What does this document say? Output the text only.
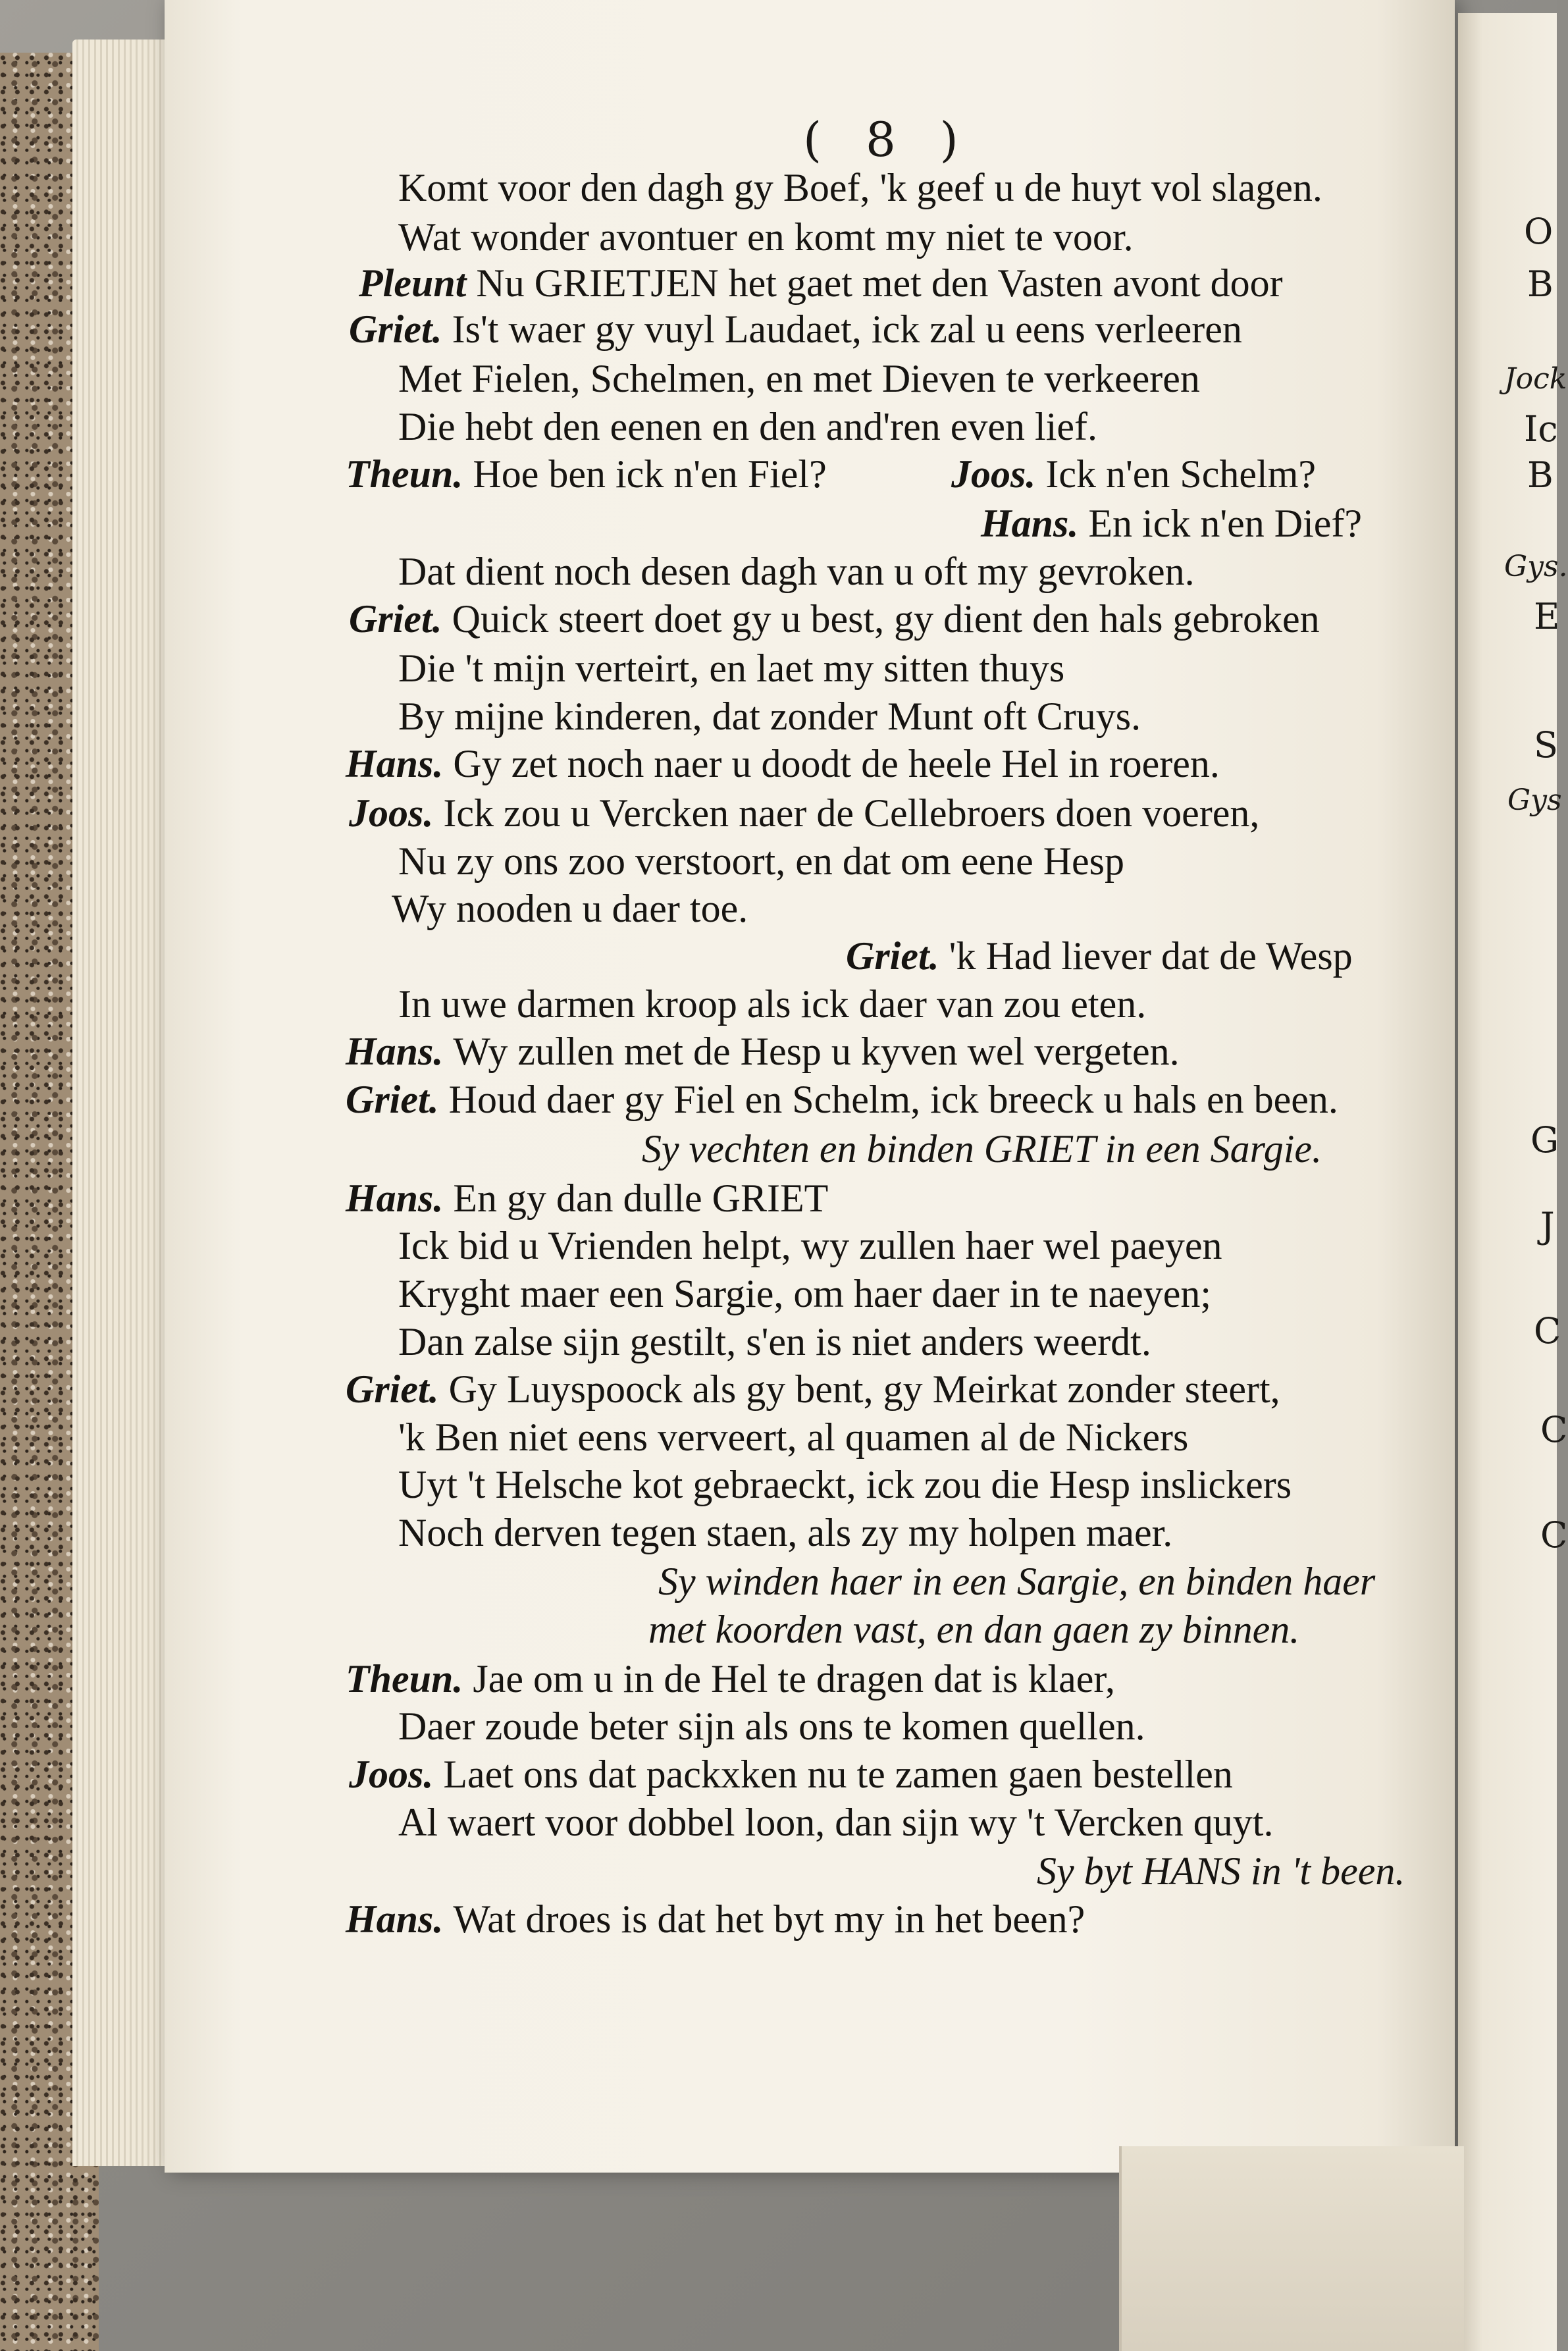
( 8 )
Komt voor den dagh gy Boef, 'k geef u de huyt vol slagen.
Wat wonder avontuer en komt my niet te voor.
Pleunt Nu GRIETJEN het gaet met den Vasten avont door
Griet. Is't waer gy vuyl Laudaet, ick zal u eens verleeren
Met Fielen, Schelmen, en met Dieven te verkeeren
Die hebt den eenen en den and'ren even lief.
Theun. Hoe ben ick n'en Fiel?	Joos. Ick n'en Schelm?
Hans. En ick n'en Dief?
Dat dient noch desen dagh van u oft my gevroken.
Griet. Quick steert doet gy u best, gy dient den hals gebroken
Die 't mijn verteirt, en laet my sitten thuys
By mijne kinderen, dat zonder Munt oft Cruys.
Hans. Gy zet noch naer u doodt de heele Hel in roeren.
Joos. Ick zou u Vercken naer de Cellebroers doen voeren,
Nu zy ons zoo verstoort, en dat om eene Hesp
Wy nooden u daer toe.
Griet. 'k Had liever dat de Wesp
In uwe darmen kroop als ick daer van zou eten.
Hans. Wy zullen met de Hesp u kyven wel vergeten.
Griet. Houd daer gy Fiel en Schelm, ick breeck u hals en been.
Sy vechten en binden GRIET in een Sargie.
Hans. En gy dan dulle GRIET
Ick bid u Vrienden helpt, wy zullen haer wel paeyen
Kryght maer een Sargie, om haer daer in te naeyen;
Dan zalse sijn gestilt, s'en is niet anders weerdt.
Griet. Gy Luyspoock als gy bent, gy Meirkat zonder steert,
'k Ben niet eens verveert, al quamen al de Nickers
Uyt 't Helsche kot gebraeckt, ick zou die Hesp inslickers
Noch derven tegen staen, als zy my holpen maer.
Sy winden haer in een Sargie, en binden haer
met koorden vast, en dan gaen zy binnen.
Theun. Jae om u in de Hel te dragen dat is klaer,
Daer zoude beter sijn als ons te komen quellen.
Joos. Laet ons dat packxken nu te zamen gaen bestellen
Al waert voor dobbel loon, dan sijn wy 't Vercken quyt.
Sy byt HANS in 't been.
Hans. Wat droes is dat het byt my in het been?
O
B
Jock
Ic
B
Gys.
E
S
Gys
G
J
C
C
C
